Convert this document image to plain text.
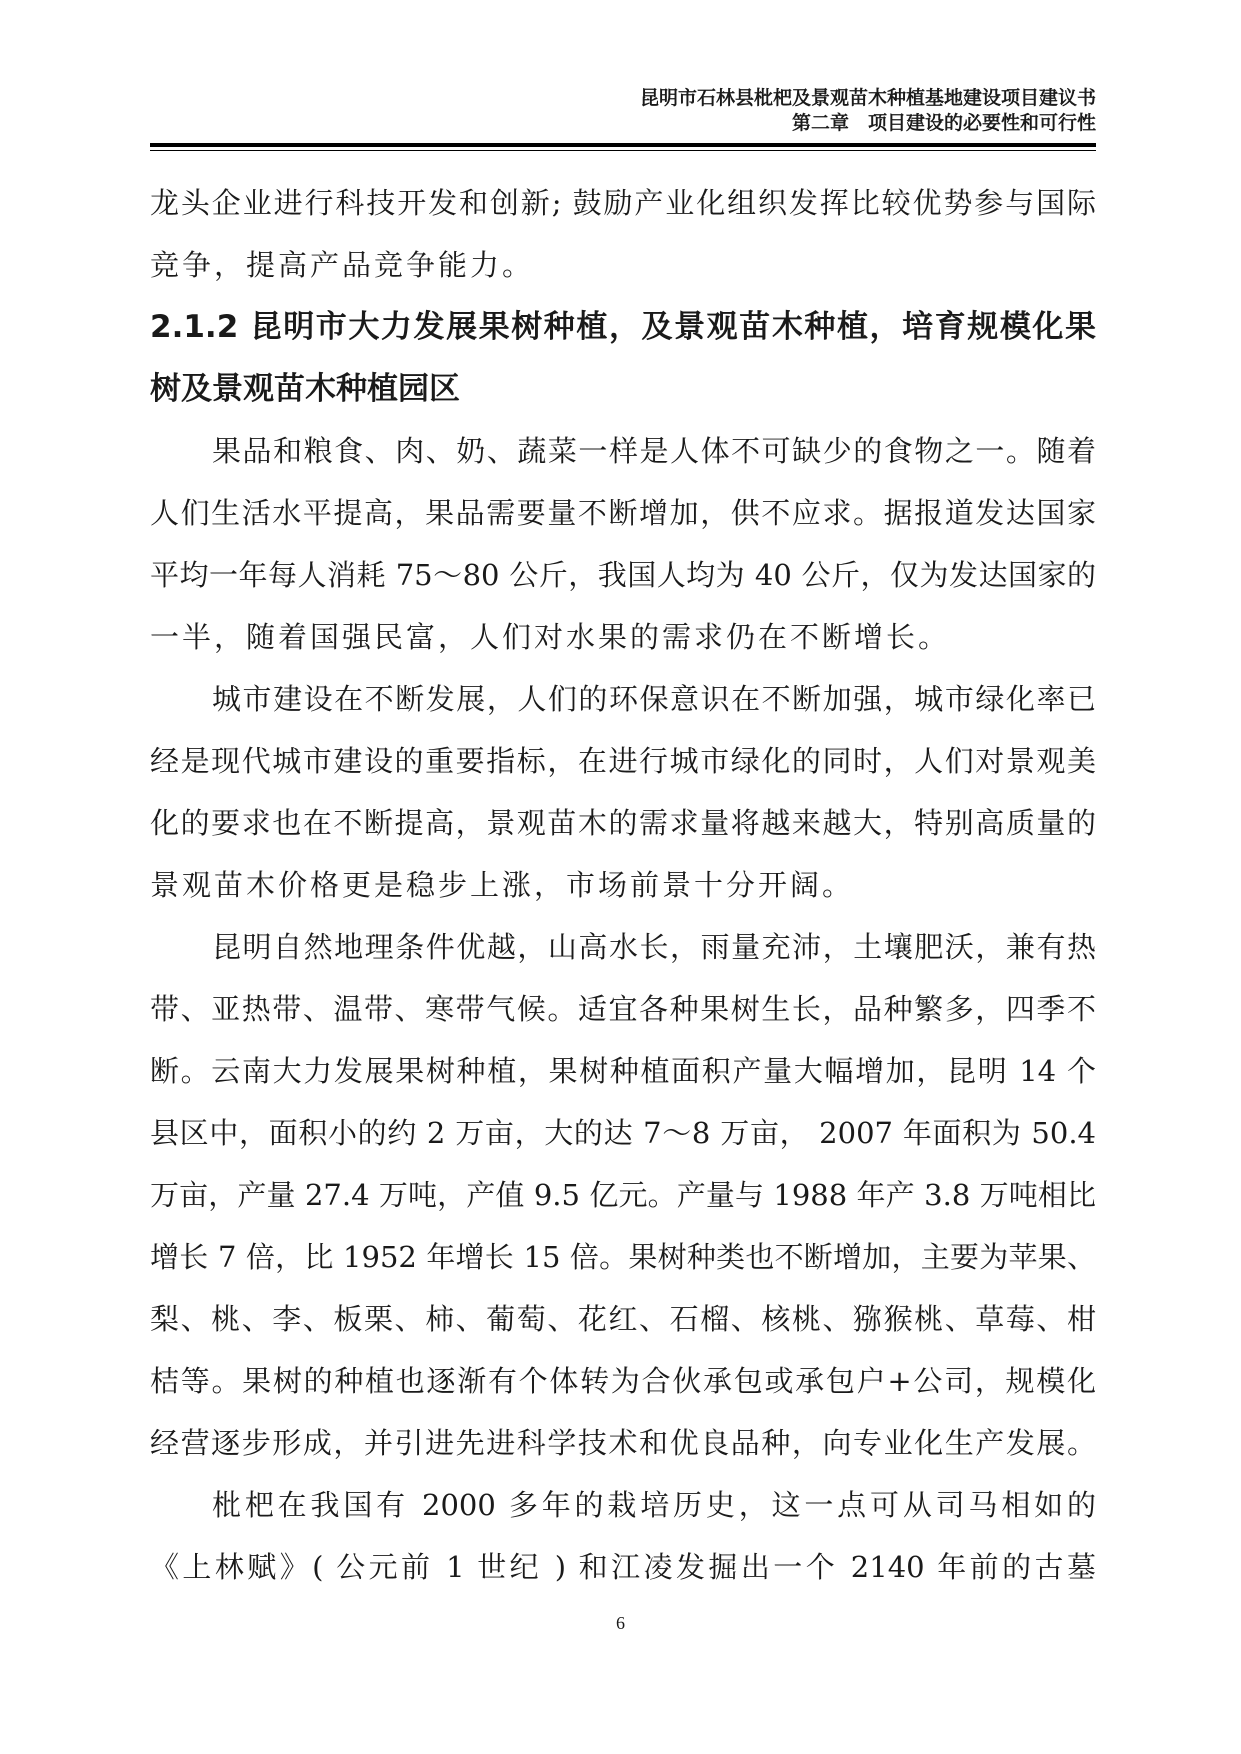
昆明市石林县枇杷及景观苗木种植基地建设项目建议书
第二章　项目建设的必要性和可行性
龙头企业进行科技开发和创新; 鼓励产业化组织发挥比较优势参与国际
竞争，提高产品竞争能力。
2.1.2 昆明市大力发展果树种植，及景观苗木种植，培育规模化果
树及景观苗木种植园区
果品和粮食、肉、奶、蔬菜一样是人体不可缺少的食物之一。随着
人们生活水平提高，果品需要量不断增加，供不应求。据报道发达国家
平均一年每人消耗 75～80 公斤，我国人均为 40 公斤，仅为发达国家的
一半，随着国强民富，人们对水果的需求仍在不断增长。
城市建设在不断发展，人们的环保意识在不断加强，城市绿化率已
经是现代城市建设的重要指标，在进行城市绿化的同时，人们对景观美
化的要求也在不断提高，景观苗木的需求量将越来越大，特别高质量的
景观苗木价格更是稳步上涨，市场前景十分开阔。
昆明自然地理条件优越，山高水长，雨量充沛，土壤肥沃，兼有热
带、亚热带、温带、寒带气候。适宜各种果树生长，品种繁多，四季不
断。云南大力发展果树种植，果树种植面积产量大幅增加，昆明 14 个
县区中，面积小的约 2 万亩，大的达 7～8 万亩， 2007 年面积为 50.4
万亩，产量 27.4 万吨，产值 9.5 亿元。产量与 1988 年产 3.8 万吨相比
增长 7 倍，比 1952 年增长 15 倍。果树种类也不断增加，主要为苹果、
梨、桃、李、板栗、柿、葡萄、花红、石榴、核桃、猕猴桃、草莓、柑
桔等。果树的种植也逐渐有个体转为合伙承包或承包户+公司，规模化
经营逐步形成，并引进先进科学技术和优良品种，向专业化生产发展。
枇杷在我国有 2000 多年的栽培历史，这一点可从司马相如的
《上林赋》( 公元前 1 世纪 ) 和江凌发掘出一个 2140 年前的古墓
6
